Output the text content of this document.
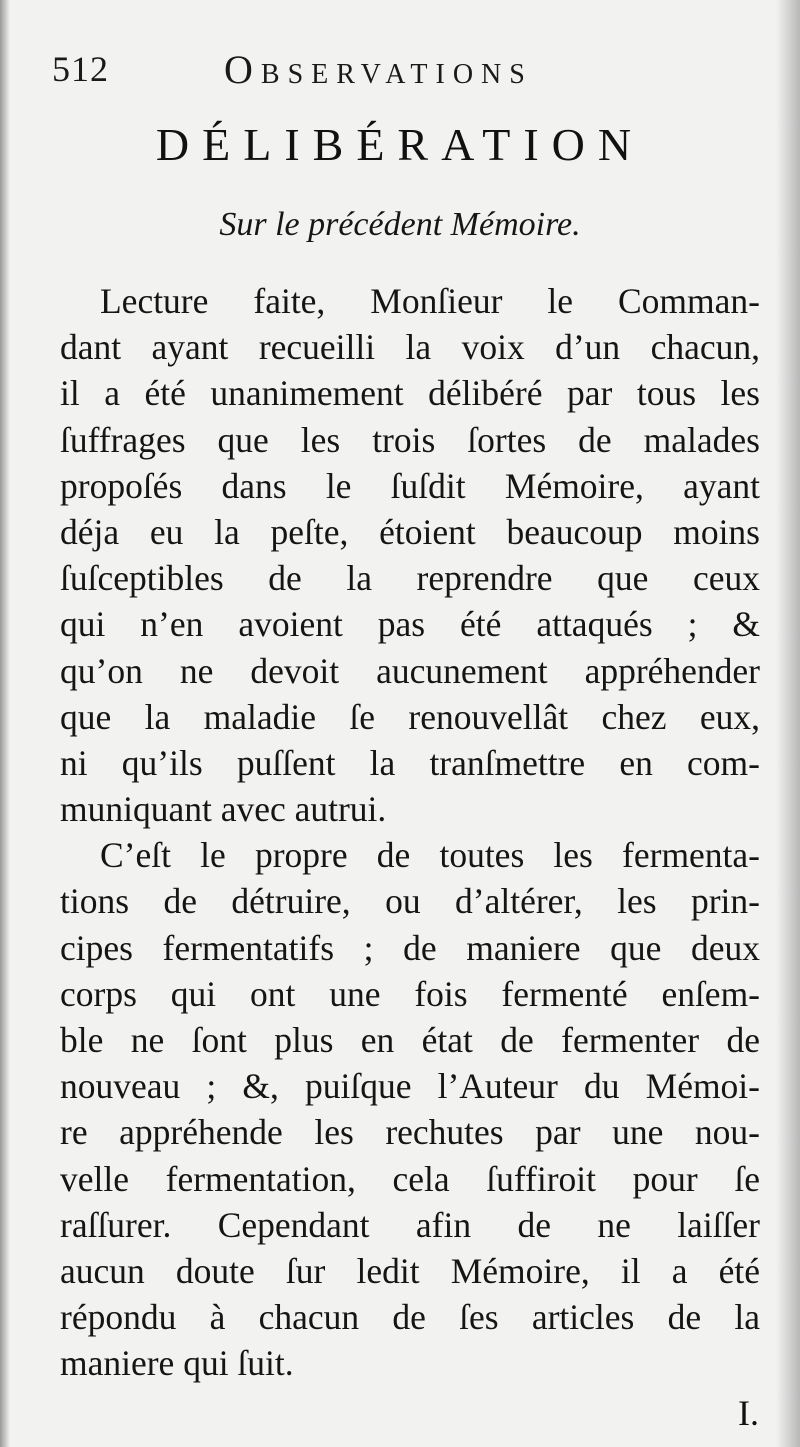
512	Observations
DÉLIBÉRATION
Sur le précédent Mémoire.
Lecture faite, Monſieur le Comman-
dant ayant recueilli la voix d’un chacun,
il a été unanimement délibéré par tous les
ſuffrages que les trois ſortes de malades
propoſés dans le ſuſdit Mémoire, ayant
déja eu la peſte, étoient beaucoup moins
ſuſceptibles de la reprendre que ceux
qui n’en avoient pas été attaqués ; &
qu’on ne devoit aucunement appréhender
que la maladie ſe renouvellât chez eux,
ni qu’ils puſſent la tranſmettre en com-
muniquant avec autrui.
C’eſt le propre de toutes les fermenta-
tions de détruire, ou d’altérer, les prin-
cipes fermentatifs ; de maniere que deux
corps qui ont une fois fermenté enſem-
ble ne ſont plus en état de fermenter de
nouveau ; &, puiſque l’Auteur du Mémoi-
re appréhende les rechutes par une nou-
velle fermentation, cela ſuffiroit pour ſe
raſſurer. Cependant afin de ne laiſſer
aucun doute ſur ledit Mémoire, il a été
répondu à chacun de ſes articles de la
maniere qui ſuit.
I.
